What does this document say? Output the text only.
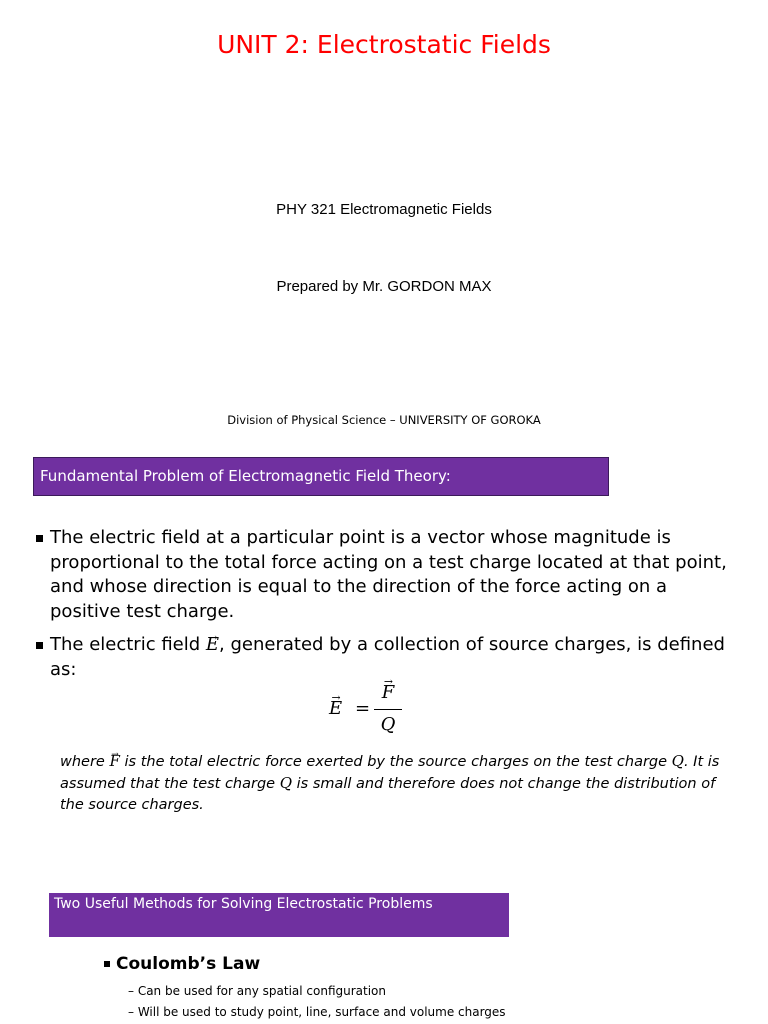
UNIT 2: Electrostatic Fields
PHY 321 Electromagnetic Fields
Prepared by Mr. GORDON MAX
Division of Physical Science – UNIVERSITY OF GOROKA
Fundamental Problem of Electromagnetic Field Theory:
The electric field at a particular point is a vector whose magnitude is proportional to the total force acting on a test charge located at that point, and whose direction is equal to the direction of the force acting on a positive test charge.
The electric field → E, generated by a collection of source charges, is defined as:
→ E =
→ F
Q
where → F is the total electric force exerted by the source charges on the test charge Q. It is assumed that the test charge Q is small and therefore does not change the distribution of the source charges.
Two Useful Methods for Solving Electrostatic Problems
Coulomb’s Law
– Can be used for any spatial configuration
– Will be used to study point, line, surface and volume charges
